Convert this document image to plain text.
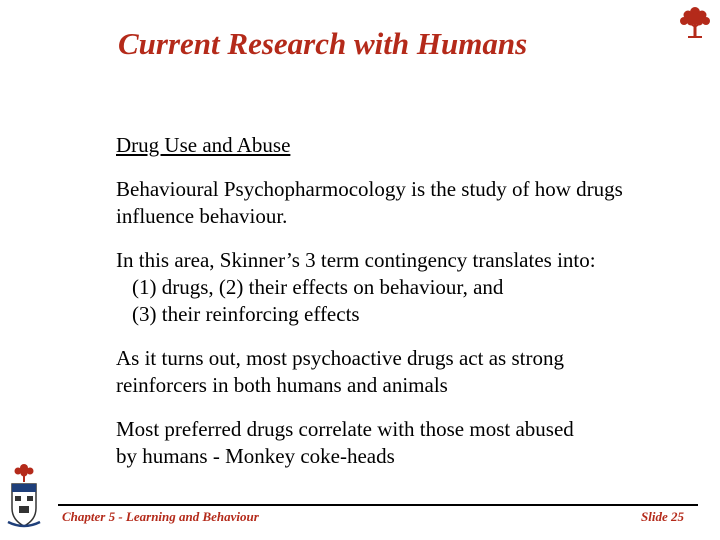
Current Research with Humans
Drug Use and Abuse
Behavioural Psychopharmocology is the study of how drugs
influence behaviour.
In this area, Skinner’s 3 term contingency translates into:
(1) drugs, (2) their effects on behaviour, and
(3) their reinforcing effects
As it turns out, most psychoactive drugs act as strong
reinforcers in both humans and animals
Most preferred drugs correlate with those most abused
by humans - Monkey coke-heads
Chapter 5 - Learning and Behaviour	Slide 25
